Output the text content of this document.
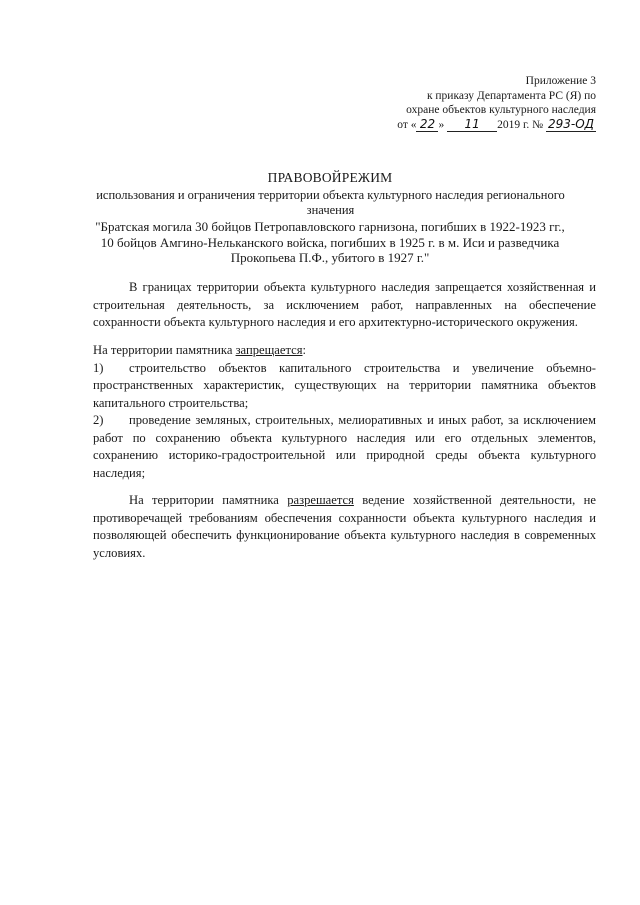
Приложение 3
к приказу Департамента РС (Я) по
охране объектов культурного наследия
от « 22 » 11 2019 г. № 293-ОД
ПРАВОВОЙРЕЖИМ
использования и ограничения территории объекта культурного наследия регионального значения
"Братская могила 30 бойцов Петропавловского гарнизона, погибших в 1922-1923 гг., 10 бойцов Амгино-Нельканского войска, погибших в 1925 г. в м. Иси и разведчика Прокопьева П.Ф., убитого в 1927 г."
В границах территории объекта культурного наследия запрещается хозяйственная и строительная деятельность, за исключением работ, направленных на обеспечение сохранности объекта культурного наследия и его архитектурно-исторического окружения.
На территории памятника запрещается:
1) строительство объектов капитального строительства и увеличение объемно-пространственных характеристик, существующих на территории памятника объектов капитального строительства;
2) проведение земляных, строительных, мелиоративных и иных работ, за исключением работ по сохранению объекта культурного наследия или его отдельных элементов, сохранению историко-градостроительной или природной среды объекта культурного наследия;
На территории памятника разрешается ведение хозяйственной деятельности, не противоречащей требованиям обеспечения сохранности объекта культурного наследия и позволяющей обеспечить функционирование объекта культурного наследия в современных условиях.
